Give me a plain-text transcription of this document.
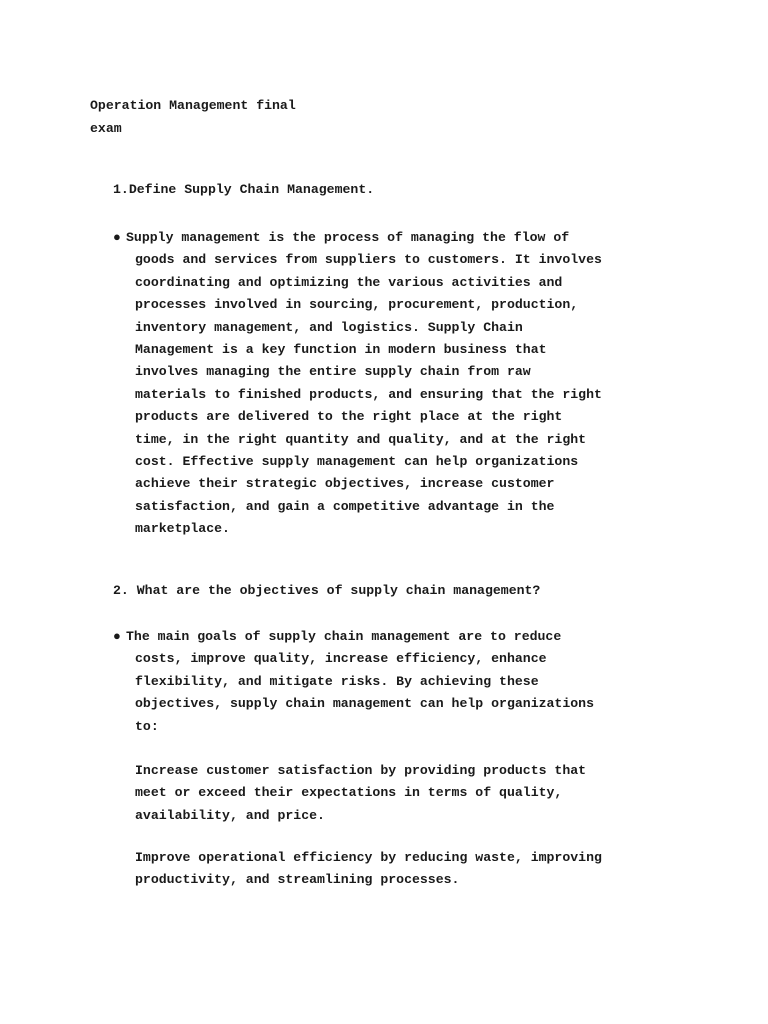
Operation Management final
exam

1.Define Supply Chain Management.

● Supply management is the process of managing the flow of
goods and services from suppliers to customers. It involves
coordinating and optimizing the various activities and
processes involved in sourcing, procurement, production,
inventory management, and logistics. Supply Chain
Management is a key function in modern business that
involves managing the entire supply chain from raw
materials to finished products, and ensuring that the right
products are delivered to the right place at the right
time, in the right quantity and quality, and at the right
cost. Effective supply management can help organizations
achieve their strategic objectives, increase customer
satisfaction, and gain a competitive advantage in the
marketplace.

2. What are the objectives of supply chain management?

● The main goals of supply chain management are to reduce
costs, improve quality, increase efficiency, enhance
flexibility, and mitigate risks. By achieving these
objectives, supply chain management can help organizations
to:

Increase customer satisfaction by providing products that
meet or exceed their expectations in terms of quality,
availability, and price.

Improve operational efficiency by reducing waste, improving
productivity, and streamlining processes.
